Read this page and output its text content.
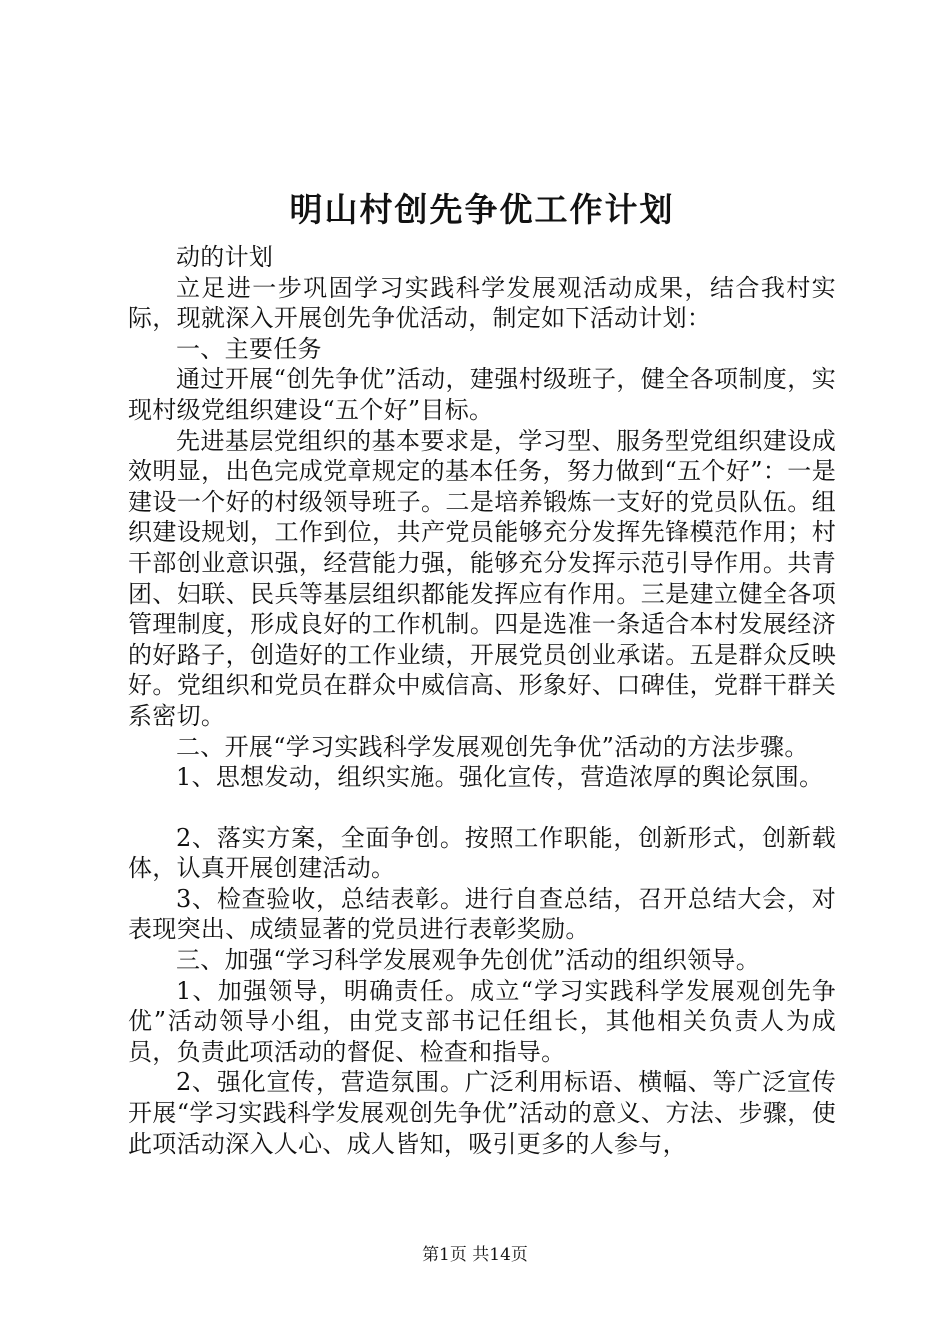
明山村创先争优工作计划

动的计划

立足进一步巩固学习实践科学发展观活动成果，结合我村实际，现就深入开展创先争优活动，制定如下活动计划：

一、主要任务

通过开展“创先争优”活动，建强村级班子，健全各项制度，实现村级党组织建设“五个好”目标。

先进基层党组织的基本要求是，学习型、服务型党组织建设成效明显，出色完成党章规定的基本任务，努力做到“五个好”：一是建设一个好的村级领导班子。二是培养锻炼一支好的党员队伍。组织建设规划，工作到位，共产党员能够充分发挥先锋模范作用；村干部创业意识强，经营能力强，能够充分发挥示范引导作用。共青团、妇联、民兵等基层组织都能发挥应有作用。三是建立健全各项管理制度，形成良好的工作机制。四是选准一条适合本村发展经济的好路子，创造好的工作业绩，开展党员创业承诺。五是群众反映好。党组织和党员在群众中威信高、形象好、口碑佳，党群干群关系密切。

二、开展“学习实践科学发展观创先争优”活动的方法步骤。

1、思想发动，组织实施。强化宣传，营造浓厚的舆论氛围。

2、落实方案，全面争创。按照工作职能，创新形式，创新载体，认真开展创建活动。

3、检查验收，总结表彰。进行自查总结，召开总结大会，对表现突出、成绩显著的党员进行表彰奖励。

三、加强“学习科学发展观争先创优”活动的组织领导。

1、加强领导，明确责任。成立“学习实践科学发展观创先争优”活动领导小组，由党支部书记任组长，其他相关负责人为成员，负责此项活动的督促、检查和指导。

2、强化宣传，营造氛围。广泛利用标语、横幅、等广泛宣传开展“学习实践科学发展观创先争优”活动的意义、方法、步骤，使此项活动深入人心、成人皆知，吸引更多的人参与，

第1页 共14页
